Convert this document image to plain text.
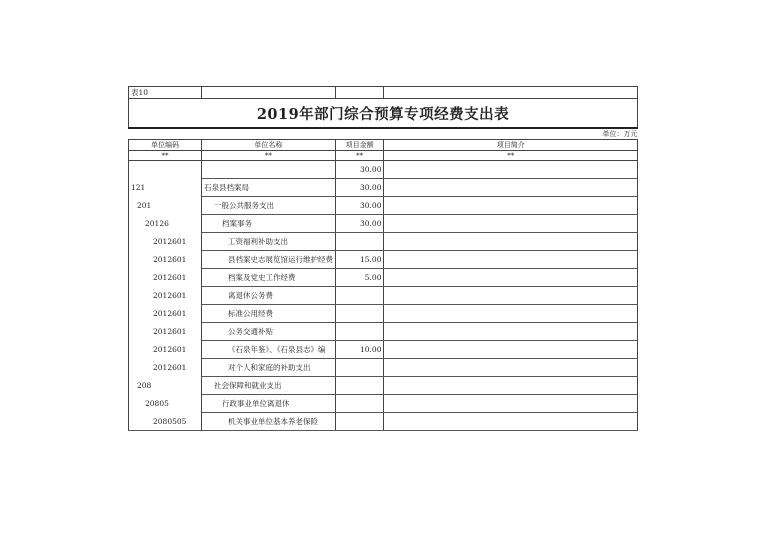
表10			
2019年部门综合预算专项经费支出表			
单位：万元			
单位编码	单位名称	项目金额	项目简介
**	**	**	**
		30.00	
121	石泉县档案局	30.00	
201	一般公共服务支出	30.00	
20126	档案事务	30.00	
2012601	工资福利补助支出		
2012601	县档案史志展览馆运行维护经费	15.00	
2012601	档案及党史工作经费	5.00	
2012601	离退休公务费		
2012601	标准公用经费		
2012601	公务交通补贴		
2012601	《石泉年鉴》、《石泉县志》编	10.00	
2012601	对个人和家庭的补助支出		
208	社会保障和就业支出		
20805	行政事业单位离退休		
2080505	机关事业单位基本养老保险		
